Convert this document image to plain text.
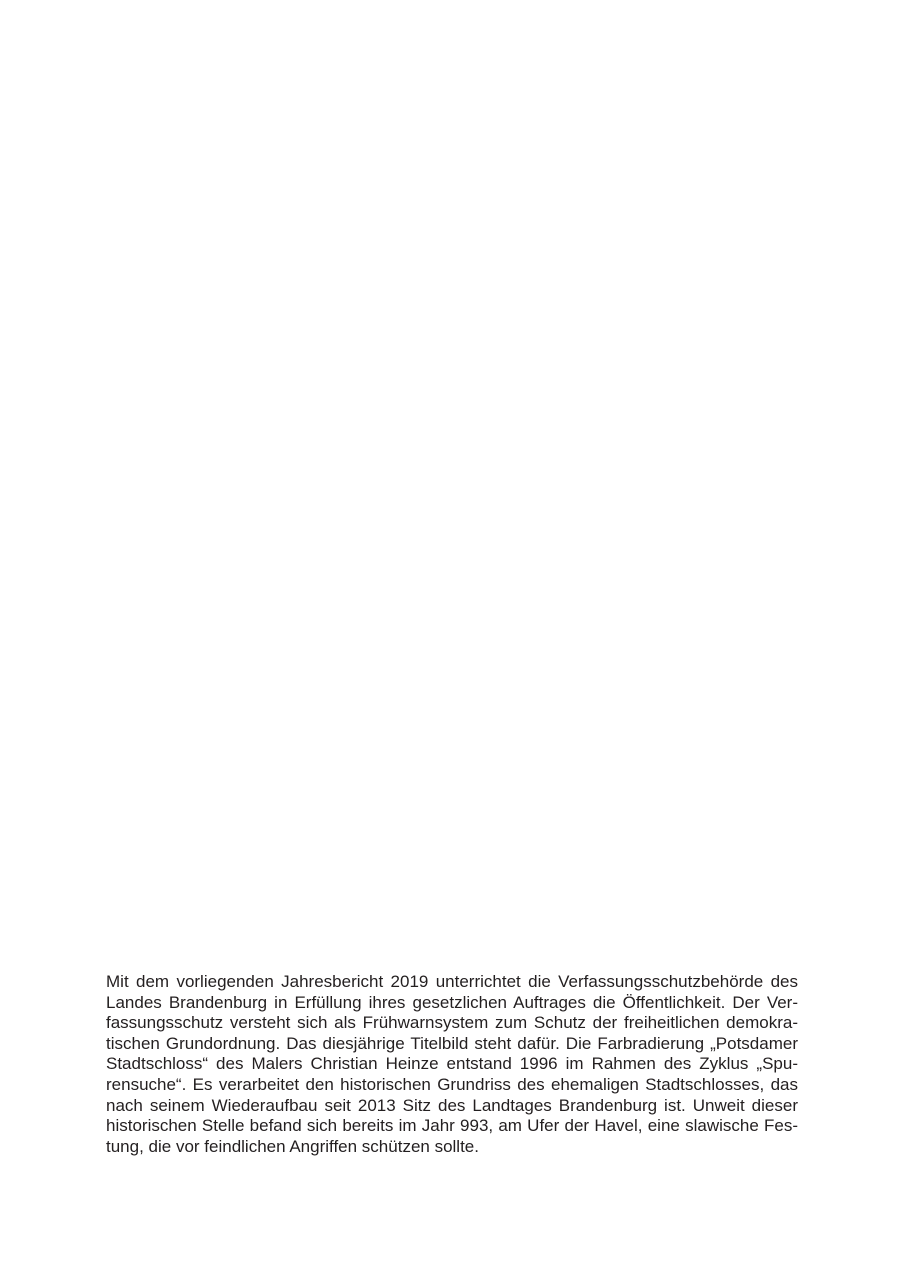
Mit dem vorliegenden Jahresbericht 2019 unterrichtet die Verfassungsschutzbehörde des
Landes Brandenburg in Erfüllung ihres gesetzlichen Auftrages die Öffentlichkeit. Der Ver-
fassungsschutz versteht sich als Frühwarnsystem zum Schutz der freiheitlichen demokra-
tischen Grundordnung. Das diesjährige Titelbild steht dafür. Die Farbradierung „Potsdamer
Stadtschloss“ des Malers Christian Heinze entstand 1996 im Rahmen des Zyklus „Spu-
rensuche“. Es verarbeitet den historischen Grundriss des ehemaligen Stadtschlosses, das
nach seinem Wiederaufbau seit 2013 Sitz des Landtages Brandenburg ist. Unweit dieser
historischen Stelle befand sich bereits im Jahr 993, am Ufer der Havel, eine slawische Fes-
tung, die vor feindlichen Angriffen schützen sollte.
